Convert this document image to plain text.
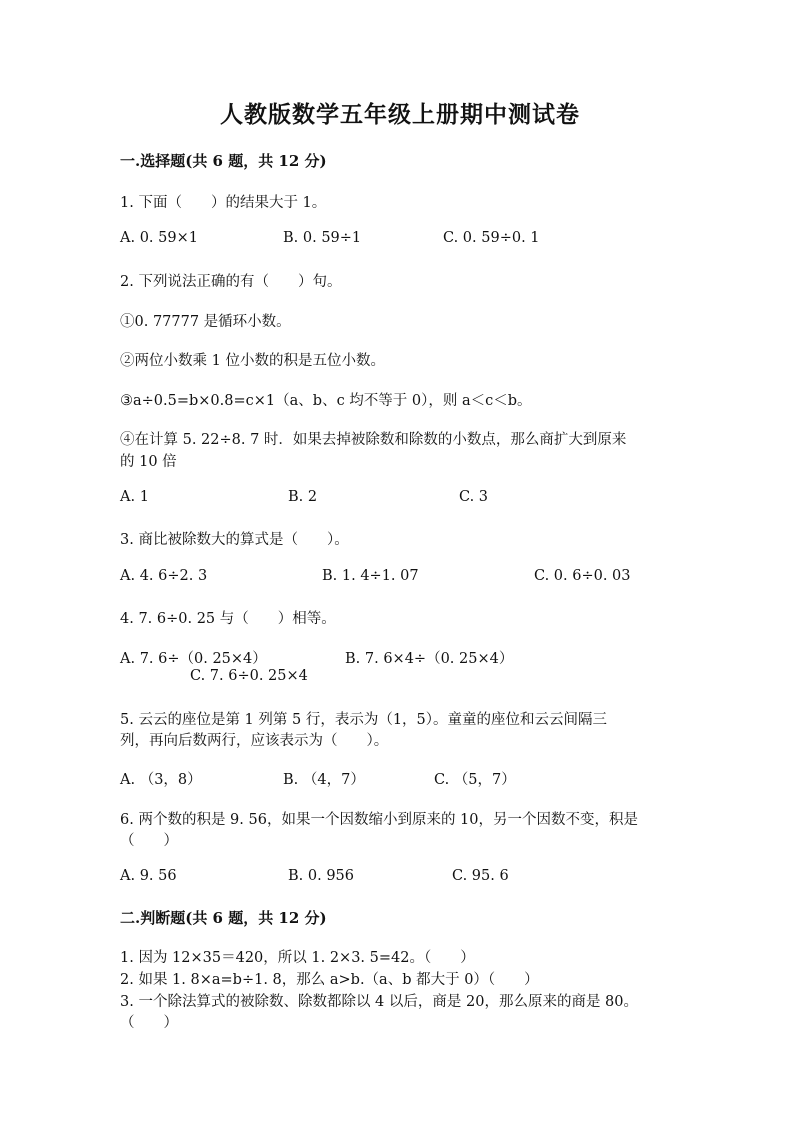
人教版数学五年级上册期中测试卷
一.选择题(共 6 题，共 12 分)
1. 下面（　　）的结果大于 1。
A. 0. 59×1	B. 0. 59÷1	C. 0. 59÷0. 1
2. 下列说法正确的有（　　）句。
①0. 77777 是循环小数。
②两位小数乘 1 位小数的积是五位小数。
③a÷0.5=b×0.8=c×1（a、b、c 均不等于 0），则 a＜c＜b。
④在计算 5. 22÷8. 7 时．如果去掉被除数和除数的小数点，那么商扩大到原来
的 10 倍
A. 1	B. 2	C. 3
3. 商比被除数大的算式是（　　）。
A. 4. 6÷2. 3	B. 1. 4÷1. 07	C. 0. 6÷0. 03
4. 7. 6÷0. 25 与（　　）相等。
A. 7. 6÷（0. 25×4）	B. 7. 6×4÷（0. 25×4）
C. 7. 6÷0. 25×4
5. 云云的座位是第 1 列第 5 行，表示为（1，5）。童童的座位和云云间隔三
列，再向后数两行，应该表示为（　　）。
A. （3，8）	B. （4，7）	C. （5，7）
6. 两个数的积是 9. 56，如果一个因数缩小到原来的 10，另一个因数不变，积是
（　　）
A. 9. 56	B. 0. 956	C. 95. 6
二.判断题(共 6 题，共 12 分)
1. 因为 12×35＝420，所以 1. 2×3. 5=42。（　　）
2. 如果 1. 8×a=b÷1. 8，那么 a>b.（a、b 都大于 0）（　　）
3. 一个除法算式的被除数、除数都除以 4 以后，商是 20，那么原来的商是 80。
（　　）
